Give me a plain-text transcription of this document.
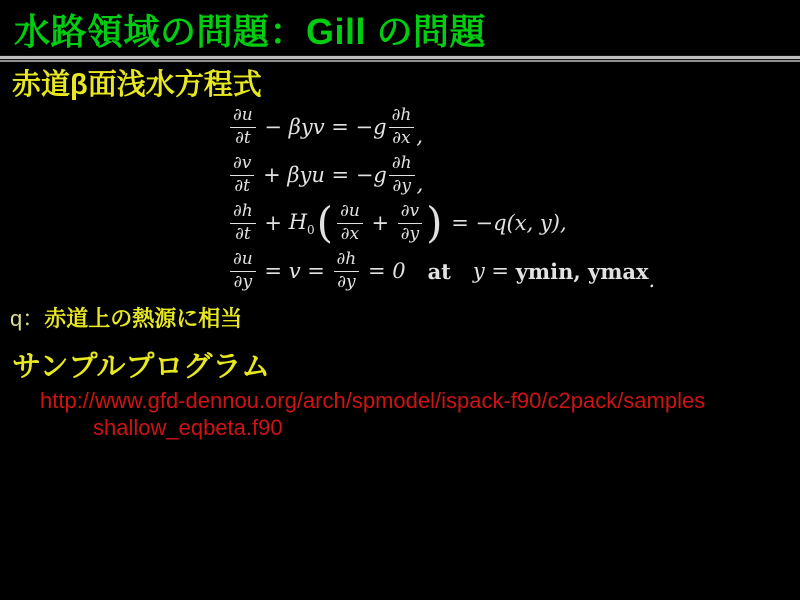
水路領域の問題：Gill の問題
赤道β面浅水方程式
$\frac{\partial u}{\partial t} - \beta yv = -g \frac{\partial h}{\partial x}$ ,
$\frac{\partial v}{\partial t} + \beta yu = -g \frac{\partial h}{\partial y}$ ,
$\frac{\partial h}{\partial t} + H_0$ ( $\frac{\partial u}{\partial x} + \frac{\partial v}{\partial y}$ ) = −q(x, y),
$\frac{\partial u}{\partial y} = v = \frac{\partial h}{\partial y} = 0$ at y = ymin, ymax .
q：赤道上の熱源に相当
サンプルプログラム
http://www.gfd-dennou.org/arch/spmodel/ispack-f90/c2pack/samples
shallow_eqbeta.f90
